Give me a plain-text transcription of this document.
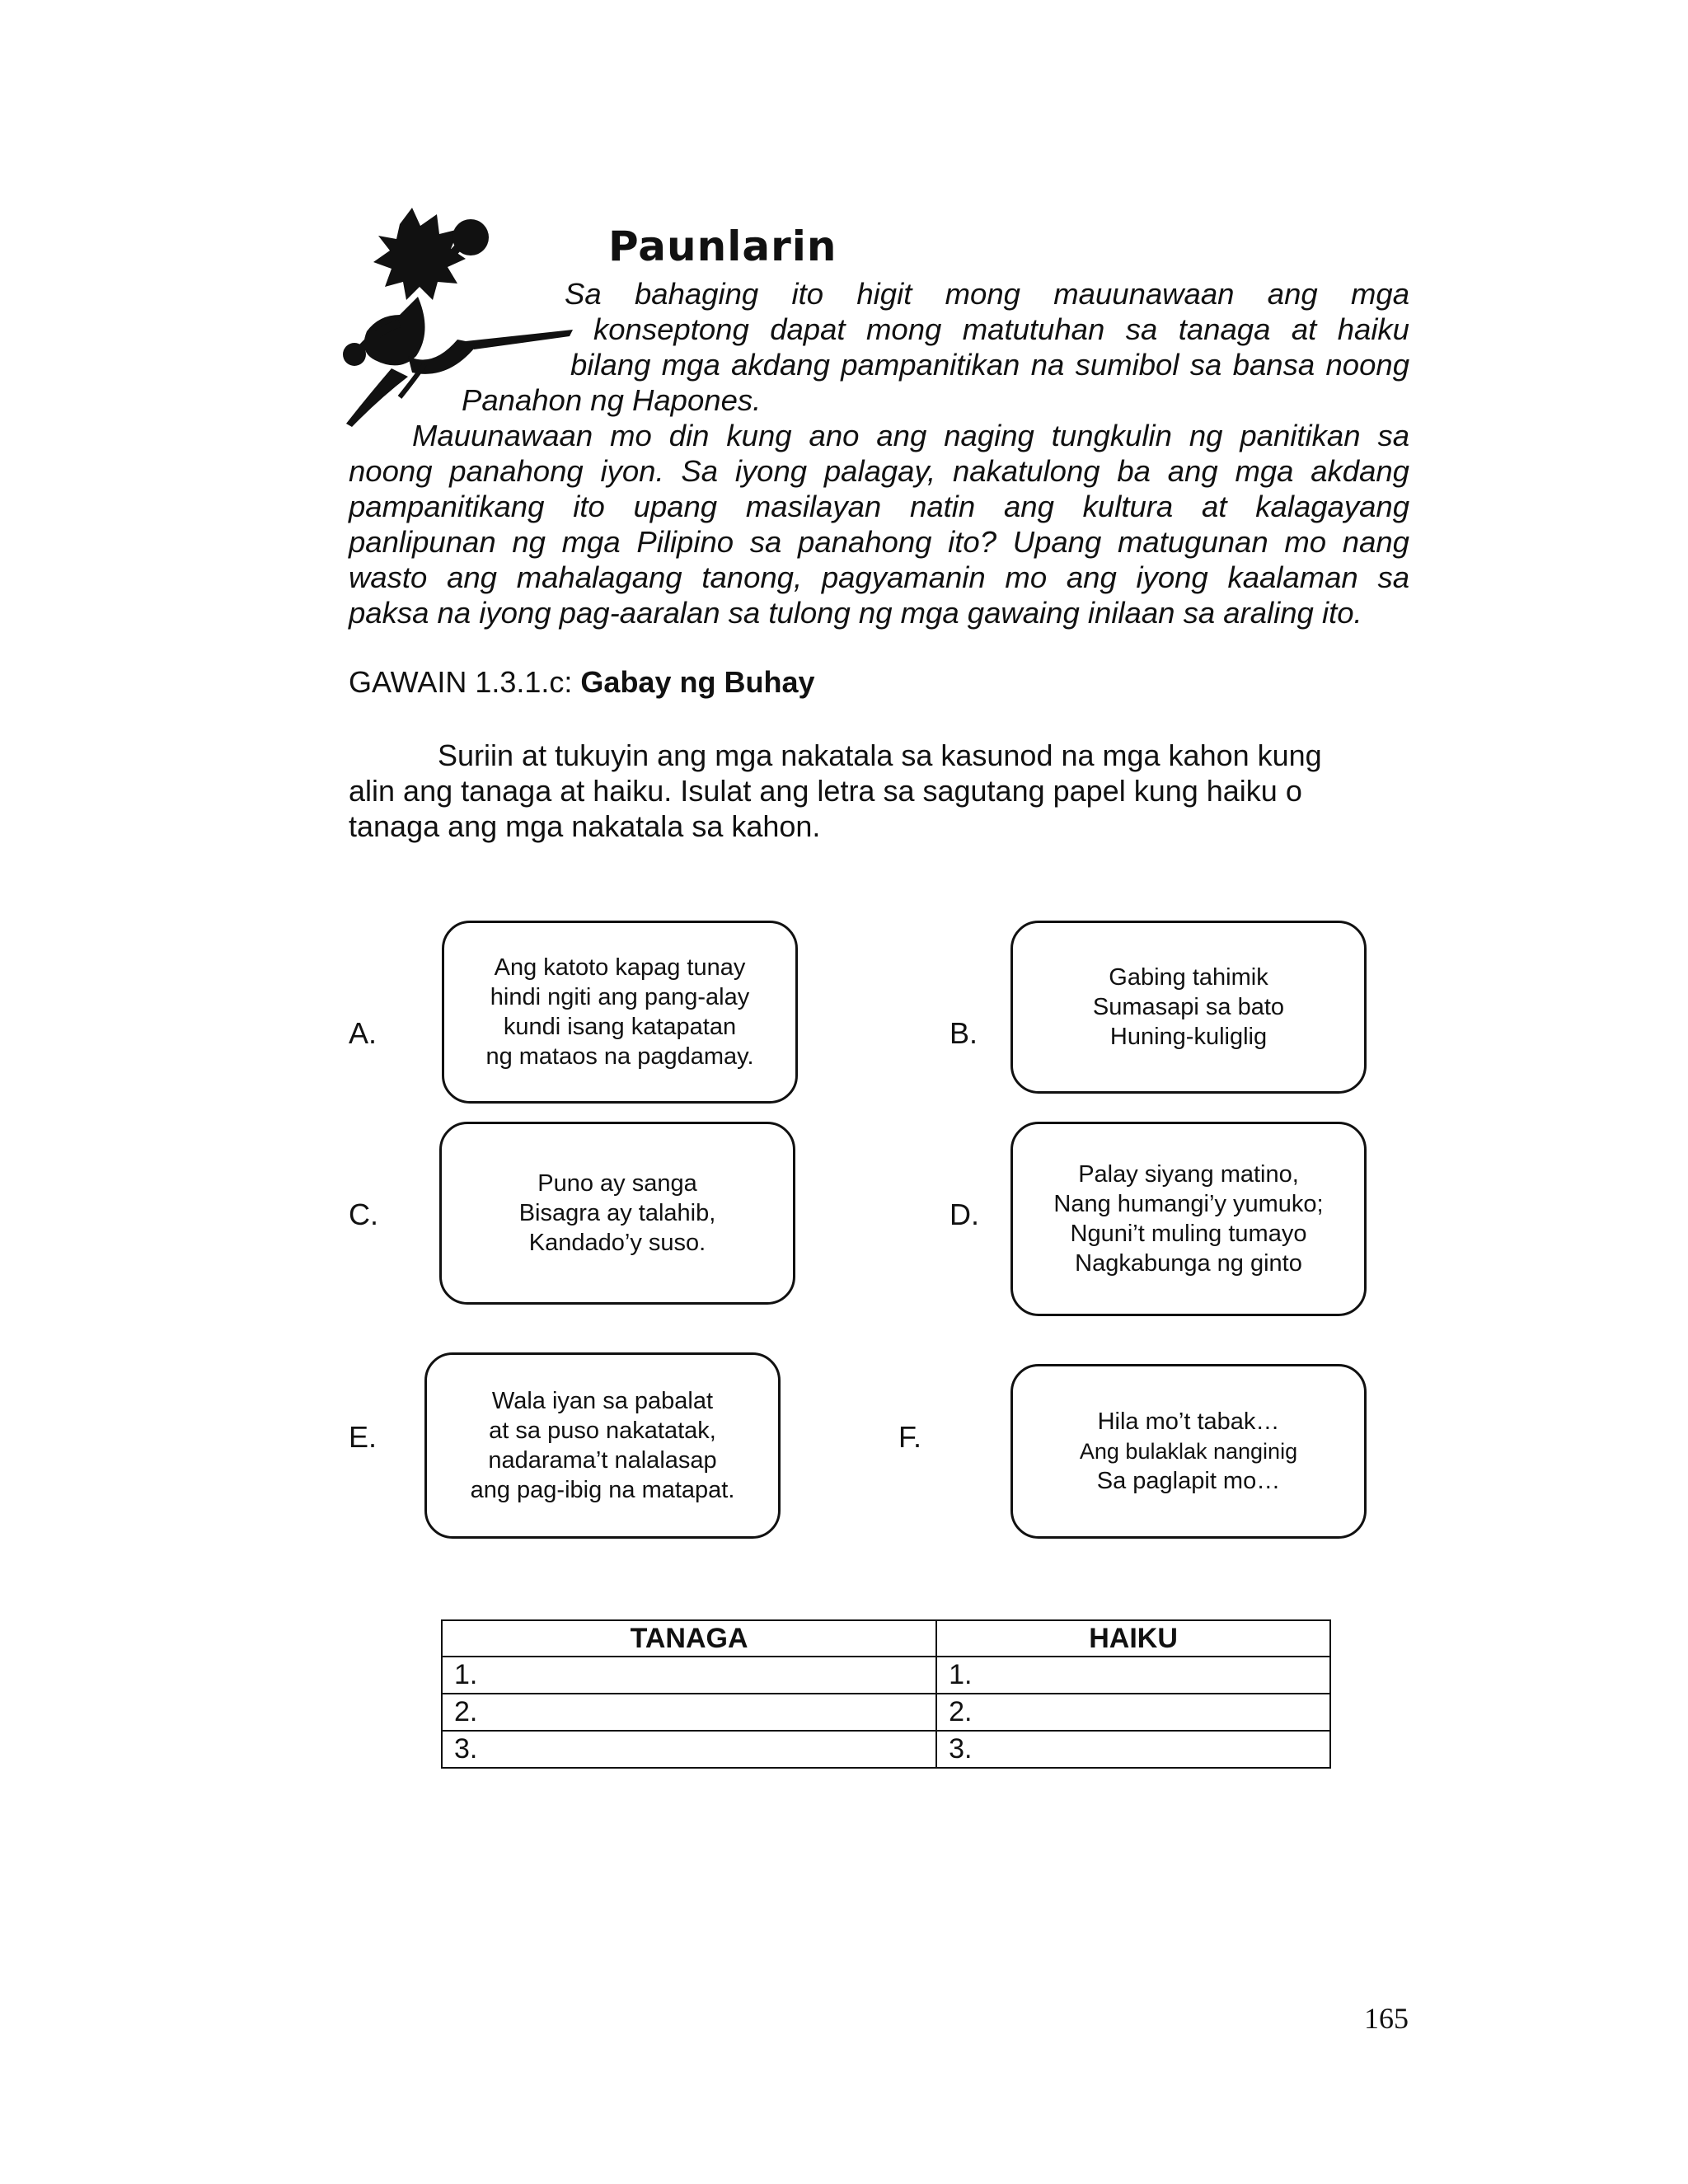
Paunlarin
Sa bahaging ito higit mong mauunawaan ang mga
konseptong dapat mong matutuhan sa tanaga at haiku
bilang mga akdang pampanitikan na sumibol sa bansa noong
Panahon ng Hapones.
Mauunawaan mo din kung ano ang naging tungkulin ng panitikan sa
noong panahong iyon. Sa iyong palagay, nakatulong ba ang mga akdang
pampanitikang ito upang masilayan natin ang kultura at kalagayang
panlipunan ng mga Pilipino sa panahong ito? Upang matugunan mo nang
wasto ang mahalagang tanong, pagyamanin mo ang iyong kaalaman sa
paksa na iyong pag-aaralan sa tulong ng mga gawaing inilaan sa araling ito.
GAWAIN 1.3.1.c: Gabay ng Buhay
Suriin at tukuyin ang mga nakatala sa kasunod na mga kahon kung
alin ang tanaga at haiku. Isulat ang letra sa sagutang papel kung haiku o
tanaga ang mga nakatala sa kahon.
A.
Ang katoto kapag tunay
hindi ngiti ang pang-alay
kundi isang katapatan
ng mataos na pagdamay.
B.
Gabing tahimik
Sumasapi sa bato
Huning-kuliglig
C.
Puno ay sanga
Bisagra ay talahib,
Kandado’y suso.
D.
Palay siyang matino,
Nang humangi’y yumuko;
Nguni’t muling tumayo
Nagkabunga ng ginto
E.
Wala iyan sa pabalat
at sa puso nakatatak,
nadarama’t nalalasap
ang pag-ibig na matapat.
F.	Hila mo’t tabak…
Ang bulaklak nanginig
Sa paglapit mo…
TANAGA	HAIKU
1.	1.
2.	2.
3.	3.
165
